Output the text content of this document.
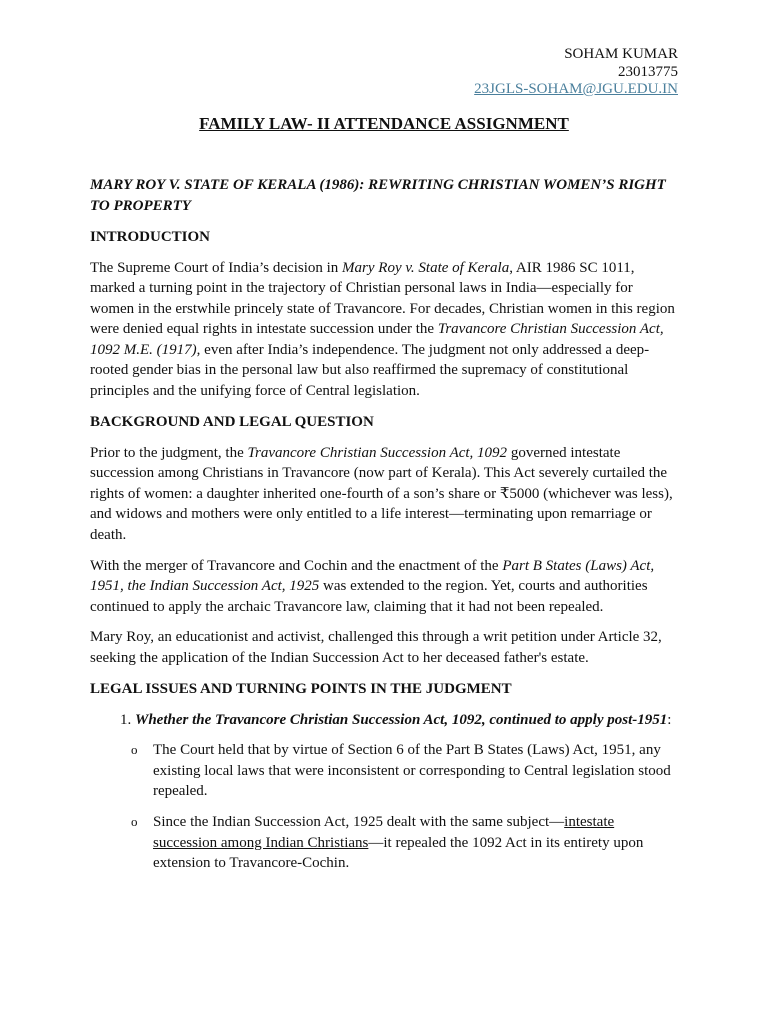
SOHAM KUMAR
23013775
23JGLS-SOHAM@JGU.EDU.IN
FAMILY LAW- II ATTENDANCE ASSIGNMENT
MARY ROY V. STATE OF KERALA (1986): REWRITING CHRISTIAN WOMEN’S RIGHT TO PROPERTY
INTRODUCTION

The Supreme Court of India’s decision in Mary Roy v. State of Kerala, AIR 1986 SC 1011, marked a turning point in the trajectory of Christian personal laws in India—especially for women in the erstwhile princely state of Travancore. For decades, Christian women in this region were denied equal rights in intestate succession under the Travancore Christian Succession Act, 1092 M.E. (1917), even after India’s independence. The judgment not only addressed a deep-rooted gender bias in the personal law but also reaffirmed the supremacy of constitutional principles and the unifying force of Central legislation.

BACKGROUND AND LEGAL QUESTION

Prior to the judgment, the Travancore Christian Succession Act, 1092 governed intestate succession among Christians in Travancore (now part of Kerala). This Act severely curtailed the rights of women: a daughter inherited one-fourth of a son’s share or ₹5000 (whichever was less), and widows and mothers were only entitled to a life interest—terminating upon remarriage or death.

With the merger of Travancore and Cochin and the enactment of the Part B States (Laws) Act, 1951, the Indian Succession Act, 1925 was extended to the region. Yet, courts and authorities continued to apply the archaic Travancore law, claiming that it had not been repealed.

Mary Roy, an educationist and activist, challenged this through a writ petition under Article 32, seeking the application of the Indian Succession Act to her deceased father's estate.

LEGAL ISSUES AND TURNING POINTS IN THE JUDGMENT
1. Whether the Travancore Christian Succession Act, 1092, continued to apply post-1951:
o The Court held that by virtue of Section 6 of the Part B States (Laws) Act, 1951, any existing local laws that were inconsistent or corresponding to Central legislation stood repealed.
o Since the Indian Succession Act, 1925 dealt with the same subject—intestate succession among Indian Christians—it repealed the 1092 Act in its entirety upon extension to Travancore-Cochin.
